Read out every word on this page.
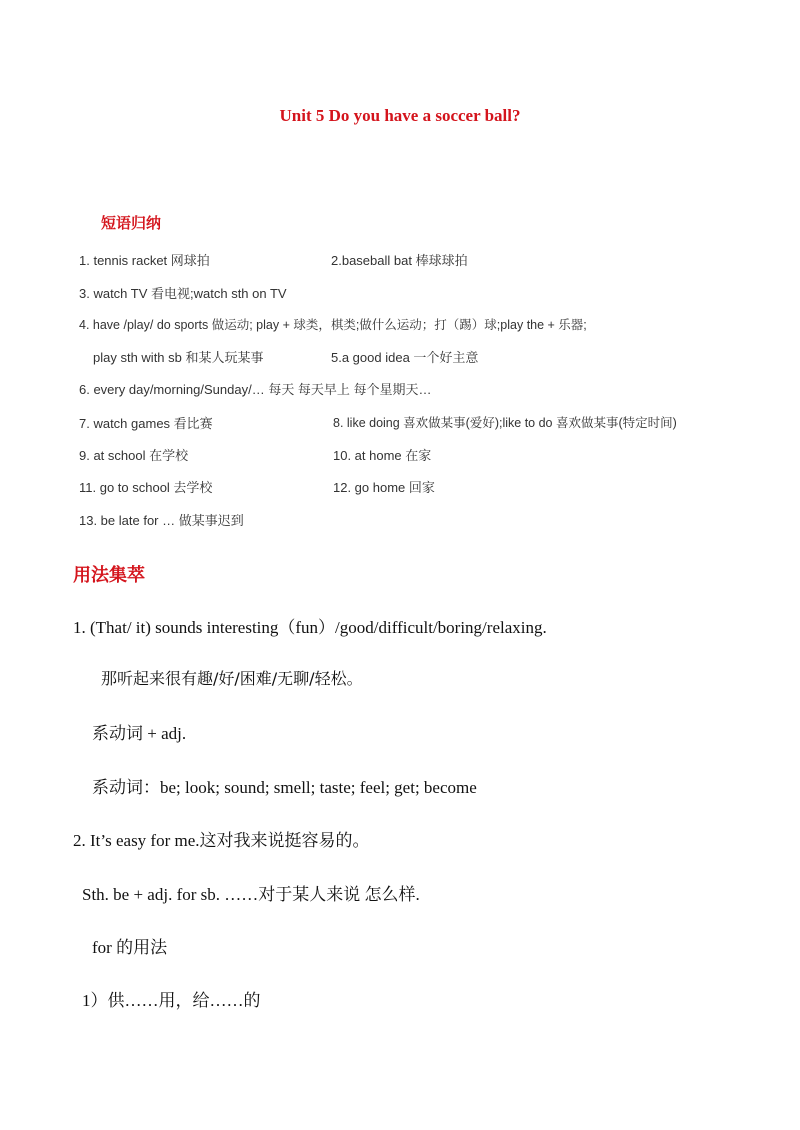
Unit 5 Do you have a soccer ball?
短语归纳
1. tennis racket 网球拍	2.baseball bat 棒球球拍
3. watch TV 看电视;watch sth on TV
4. have /play/ do sports 做运动; play + 球类，棋类;做什么运动；打（踢）球;play the + 乐器;
play sth with sb 和某人玩某事	5.a good idea 一个好主意
6. every day/morning/Sunday/… 每天 每天早上 每个星期天…
7. watch games 看比赛	8. like doing 喜欢做某事(爱好);like to do 喜欢做某事(特定时间)
9. at school 在学校	10. at home 在家
11. go to school 去学校	12. go home 回家
13. be late for … 做某事迟到
用法集萃
1. (That/ it) sounds interesting（fun）/good/difficult/boring/relaxing.
那听起来很有趣/好/困难/无聊/轻松。
系动词 + adj.
系动词：be; look; sound; smell; taste; feel; get; become
2. It’s easy for me.这对我来说挺容易的。
Sth. be + adj. for sb. ……对于某人来说 怎么样.
for 的用法
1）供……用，给……的
